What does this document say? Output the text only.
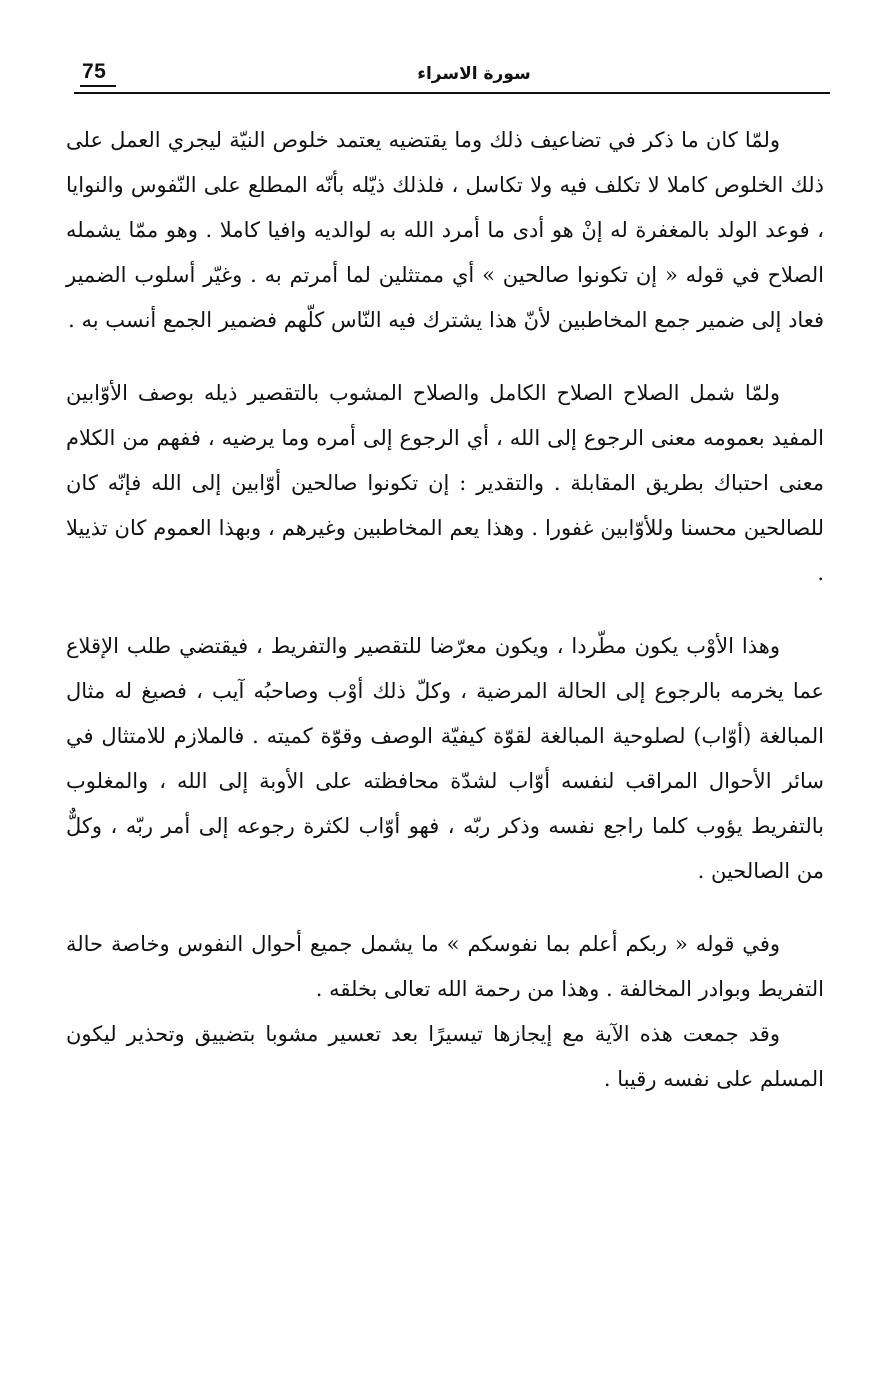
75	سورة الاسراء

ولمّا كان ما ذكر في تضاعيف ذلك وما يقتضيه يعتمد خلوص النيّة ليجري العمل على ذلك الخلوص كاملا لا تكلف فيه ولا تكاسل ، فلذلك ذيّله بأنّه المطلع على النّفوس والنوايا ، فوعد الولد بالمغفرة له إنْ هو أدى ما أمرد الله به لوالديه وافيا كاملا . وهو ممّا يشمله الصلاح في قوله « إن تكونوا صالحين » أي ممتثلين لما أمرتم به . وغيّر أسلوب الضمير فعاد إلى ضمير جمع المخاطبين لأنّ هذا يشترك فيه النّاس كلّهم فضمير الجمع أنسب به .

ولمّا شمل الصلاح الصلاح الكامل والصلاح المشوب بالتقصير ذيله بوصف الأوّابين المفيد بعمومه معنى الرجوع إلى الله ، أي الرجوع إلى أمره وما يرضيه ، ففهم من الكلام معنى احتباك بطريق المقابلة . والتقدير : إن تكونوا صالحين أوّابين إلى الله فإنّه كان للصالحين محسنا وللأوّابين غفورا . وهذا يعم المخاطبين وغيرهم ، وبهذا العموم كان تذييلا .

وهذا الأوْب يكون مطّردا ، ويكون معرّضا للتقصير والتفريط ، فيقتضي طلب الإقلاع عما يخرمه بالرجوع إلى الحالة المرضية ، وكلّ ذلك أوْب وصاحبُه آيب ، فصيغ له مثال المبالغة (أوّاب) لصلوحية المبالغة لقوّة كيفيّة الوصف وقوّة كميته . فالملازم للامتثال في سائر الأحوال المراقب لنفسه أوّاب لشدّة محافظته على الأوبة إلى الله ، والمغلوب بالتفريط يؤوب كلما راجع نفسه وذكر ربّه ، فهو أوّاب لكثرة رجوعه إلى أمر ربّه ، وكلٌّ من الصالحين .

وفي قوله « ربكم أعلم بما نفوسكم » ما يشمل جميع أحوال النفوس وخاصة حالة التفريط وبوادر المخالفة . وهذا من رحمة الله تعالى بخلقه .

وقد جمعت هذه الآية مع إيجازها تيسيرًا بعد تعسير مشوبا بتضييق وتحذير ليكون المسلم على نفسه رقيبا .
